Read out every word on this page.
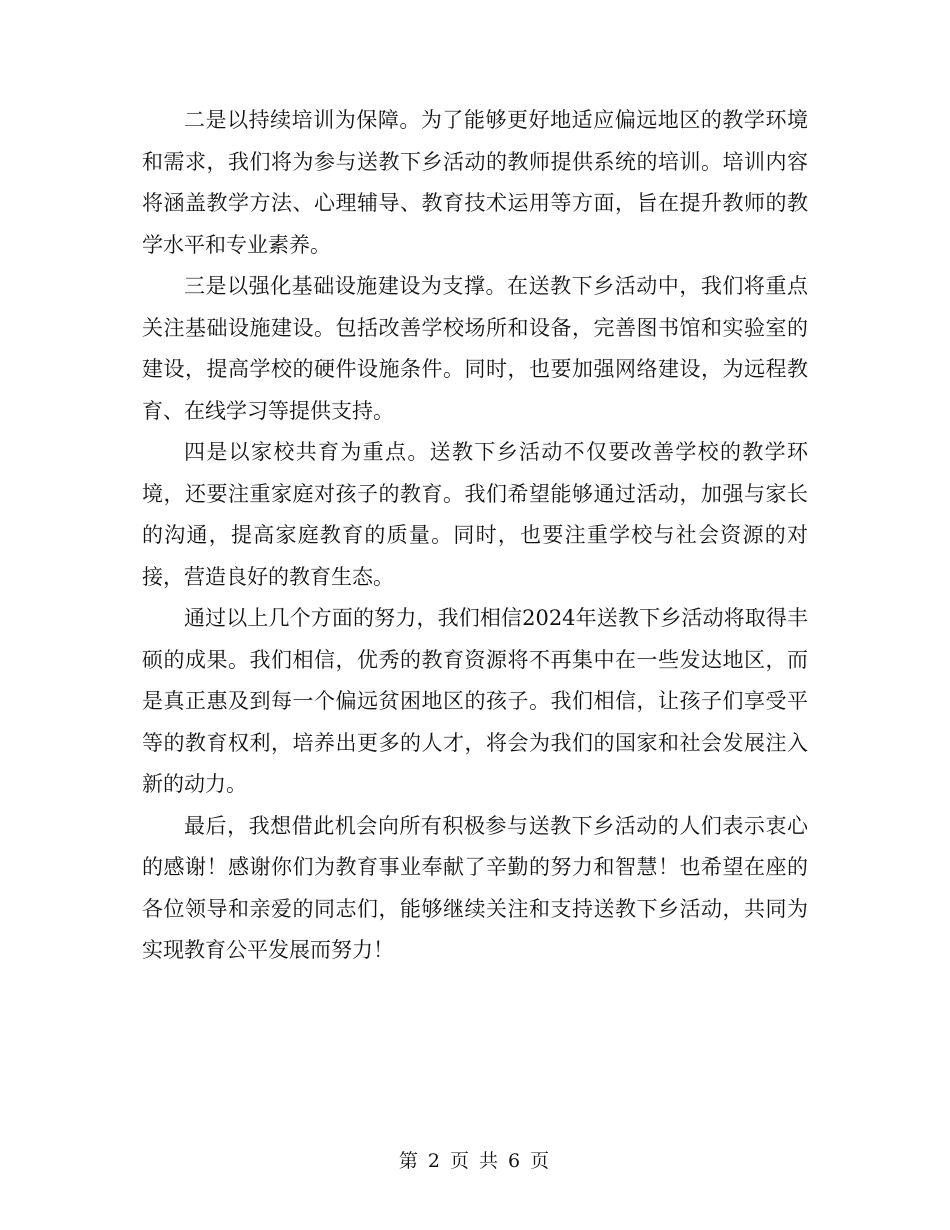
二是以持续培训为保障。为了能够更好地适应偏远地区的教学环境和需求，我们将为参与送教下乡活动的教师提供系统的培训。培训内容将涵盖教学方法、心理辅导、教育技术运用等方面，旨在提升教师的教学水平和专业素养。

三是以强化基础设施建设为支撑。在送教下乡活动中，我们将重点关注基础设施建设。包括改善学校场所和设备，完善图书馆和实验室的建设，提高学校的硬件设施条件。同时，也要加强网络建设，为远程教育、在线学习等提供支持。

四是以家校共育为重点。送教下乡活动不仅要改善学校的教学环境，还要注重家庭对孩子的教育。我们希望能够通过活动，加强与家长的沟通，提高家庭教育的质量。同时，也要注重学校与社会资源的对接，营造良好的教育生态。

通过以上几个方面的努力，我们相信2024年送教下乡活动将取得丰硕的成果。我们相信，优秀的教育资源将不再集中在一些发达地区，而是真正惠及到每一个偏远贫困地区的孩子。我们相信，让孩子们享受平等的教育权利，培养出更多的人才，将会为我们的国家和社会发展注入新的动力。

最后，我想借此机会向所有积极参与送教下乡活动的人们表示衷心的感谢！感谢你们为教育事业奉献了辛勤的努力和智慧！也希望在座的各位领导和亲爱的同志们，能够继续关注和支持送教下乡活动，共同为实现教育公平发展而努力！

第 2 页 共 6 页
